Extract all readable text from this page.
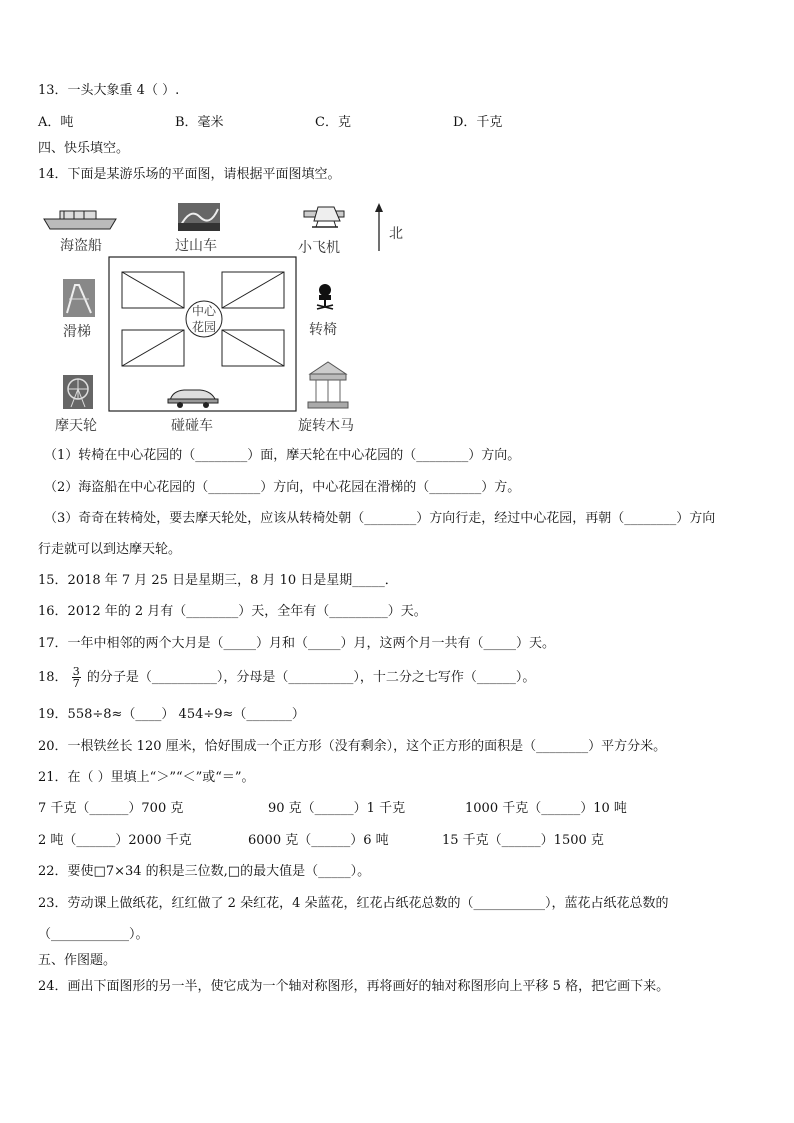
13．一头大象重 4（ ）.
A．吨	B．毫米	C．克	D．千克
四、快乐填空。
14．下面是某游乐场的平面图，请根据平面图填空。
中心
花园
北
海盗船	过山车	小飞机
滑梯	转椅
摩天轮	碰碰车	旋转木马
（1）转椅在中心花园的（________）面，摩天轮在中心花园的（________）方向。
（2）海盗船在中心花园的（________）方向，中心花园在滑梯的（________）方。
（3）奇奇在转椅处，要去摩天轮处，应该从转椅处朝（________）方向行走，经过中心花园，再朝（________）方向
行走就可以到达摩天轮。
15．2018 年 7 月 25 日是星期三，8 月 10 日是星期_____．
16．2012 年的 2 月有（________）天，全年有（_________）天。
17．一年中相邻的两个大月是（_____）月和（_____）月，这两个月一共有（_____）天。
18． $\frac{3}{7}$ 的分子是（__________），分母是（__________），十二分之七写作（______）。
19．558÷8≈（____） 454÷9≈（_______）
20．一根铁丝长 120 厘米，恰好围成一个正方形（没有剩余），这个正方形的面积是（________）平方分米。
21．在（ ）里填上“＞”“＜”或“＝”。
7 千克（______）700 克	90 克（______）1 千克	1000 千克（______）10 吨
2 吨（______）2000 千克	6000 克（______）6 吨	15 千克（______）1500 克
22．要使□7×34 的积是三位数,□的最大值是（_____）。
23．劳动课上做纸花，红红做了 2 朵红花，4 朵蓝花，红花占纸花总数的（___________），蓝花占纸花总数的
（____________）。
五、作图题。
24．画出下面图形的另一半，使它成为一个轴对称图形，再将画好的轴对称图形向上平移 5 格，把它画下来。
